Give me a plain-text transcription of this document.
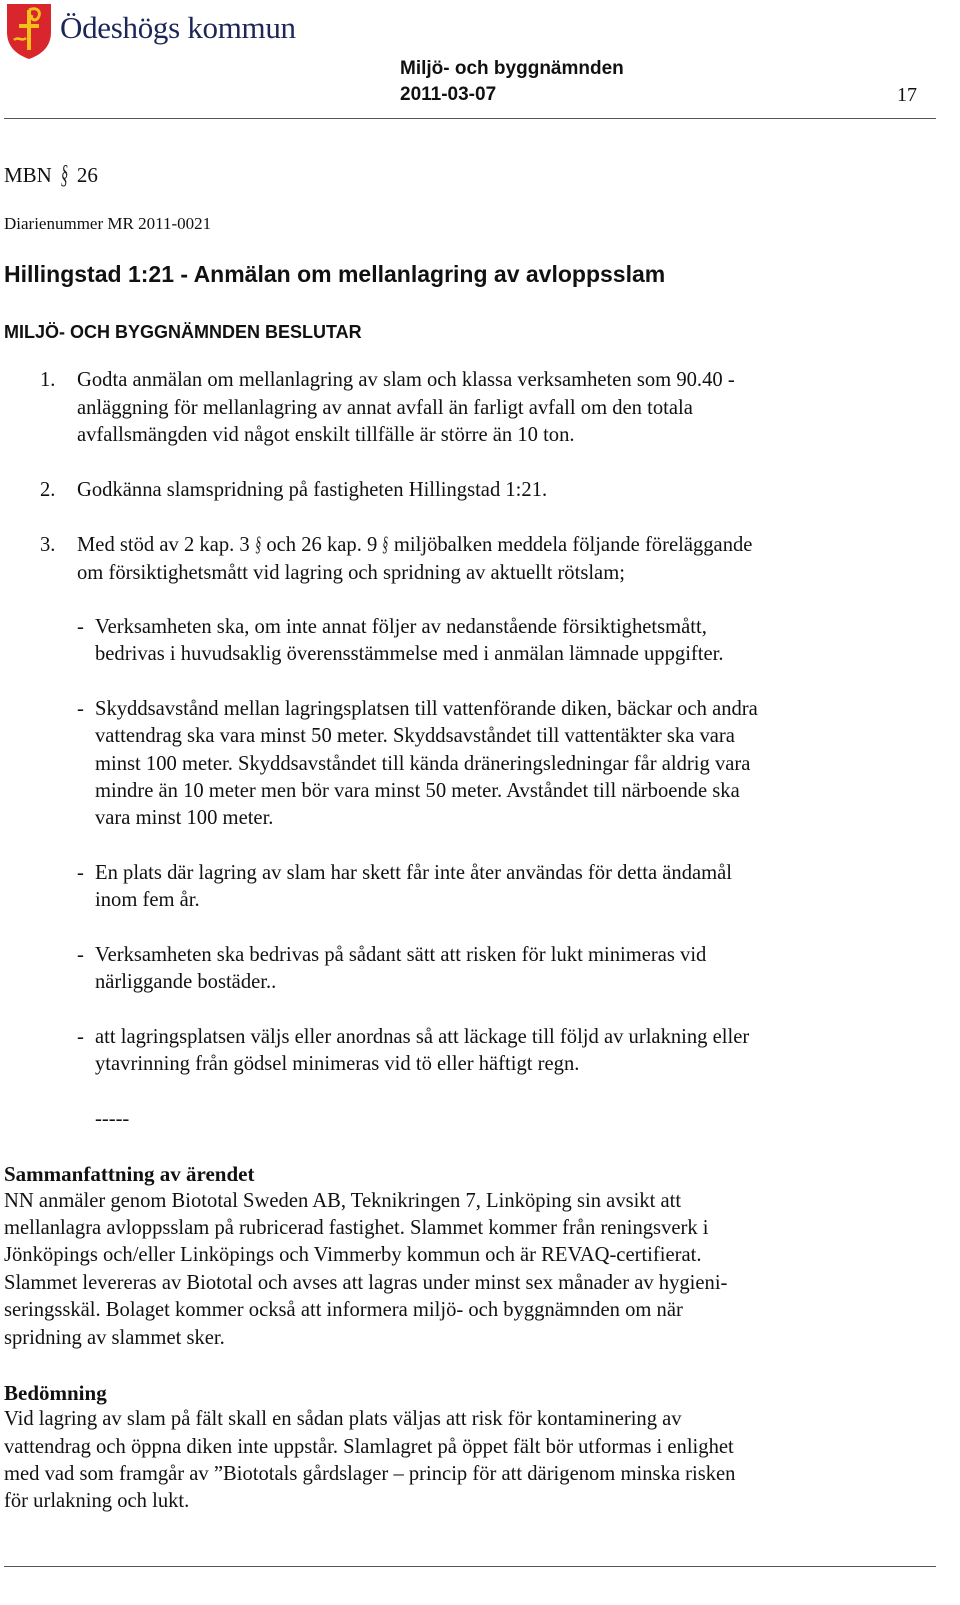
Ödeshögs kommun
Miljö- och byggnämnden
2011-03-07	17
MBN § 26
Diarienummer MR 2011-0021
Hillingstad 1:21 - Anmälan om mellanlagring av avloppsslam
MILJÖ- OCH BYGGNÄMNDEN BESLUTAR
1. Godta anmälan om mellanlagring av slam och klassa verksamheten som 90.40 -
anläggning för mellanlagring av annat avfall än farligt avfall om den totala
avfallsmängden vid något enskilt tillfälle är större än 10 ton.
2. Godkänna slamspridning på fastigheten Hillingstad 1:21.
3. Med stöd av 2 kap. 3 § och 26 kap. 9 § miljöbalken meddela följande föreläggande
om försiktighetsmått vid lagring och spridning av aktuellt rötslam;
- Verksamheten ska, om inte annat följer av nedanstående försiktighetsmått,
bedrivas i huvudsaklig överensstämmelse med i anmälan lämnade uppgifter.
- Skyddsavstånd mellan lagringsplatsen till vattenförande diken, bäckar och andra
vattendrag ska vara minst 50 meter. Skyddsavståndet till vattentäkter ska vara
minst 100 meter. Skyddsavståndet till kända dräneringsledningar får aldrig vara
mindre än 10 meter men bör vara minst 50 meter. Avståndet till närboende ska
vara minst 100 meter.
- En plats där lagring av slam har skett får inte åter användas för detta ändamål
inom fem år.
- Verksamheten ska bedrivas på sådant sätt att risken för lukt minimeras vid
närliggande bostäder..
- att lagringsplatsen väljs eller anordnas så att läckage till följd av urlakning eller
ytavrinning från gödsel minimeras vid tö eller häftigt regn.
-----
Sammanfattning av ärendet
NN anmäler genom Biototal Sweden AB, Teknikringen 7, Linköping sin avsikt att
mellanlagra avloppsslam på rubricerad fastighet. Slammet kommer från reningsverk i
Jönköpings och/eller Linköpings och Vimmerby kommun och är REVAQ-certifierat.
Slammet levereras av Biototal och avses att lagras under minst sex månader av hygieni-
seringsskäl. Bolaget kommer också att informera miljö- och byggnämnden om när
spridning av slammet sker.
Bedömning
Vid lagring av slam på fält skall en sådan plats väljas att risk för kontaminering av
vattendrag och öppna diken inte uppstår. Slamlagret på öppet fält bör utformas i enlighet
med vad som framgår av ”Biototals gårdslager – princip för att därigenom minska risken
för urlakning och lukt.
